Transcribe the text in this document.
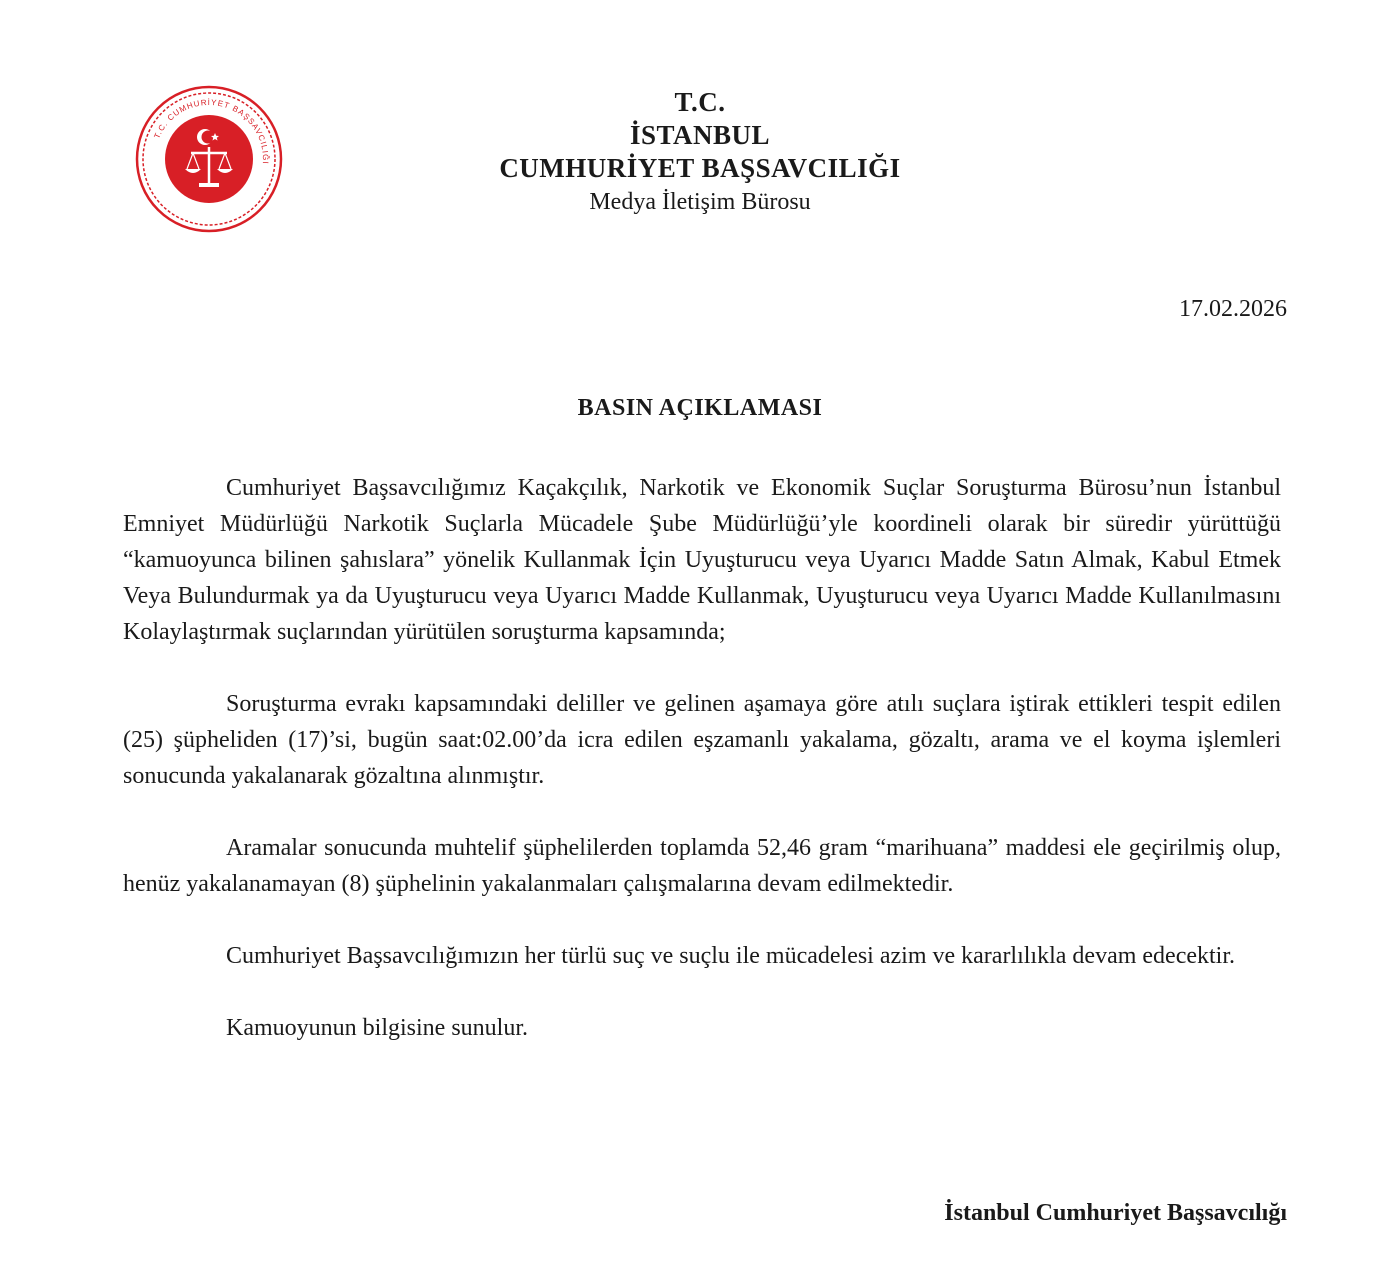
T.C. CUMHURİYET BAŞSAVCILIĞI
T.C.
İSTANBUL
CUMHURİYET BAŞSAVCILIĞI
Medya İletişim Bürosu
17.02.2026
BASIN AÇIKLAMASI

Cumhuriyet Başsavcılığımız Kaçakçılık, Narkotik ve Ekonomik Suçlar Soruşturma Bürosu’nun İstanbul Emniyet Müdürlüğü Narkotik Suçlarla Mücadele Şube Müdürlüğü’yle koordineli olarak bir süredir yürüttüğü “kamuoyunca bilinen şahıslara” yönelik Kullanmak İçin Uyuşturucu veya Uyarıcı Madde Satın Almak, Kabul Etmek Veya Bulundurmak ya da Uyuşturucu veya Uyarıcı Madde Kullanmak, Uyuşturucu veya Uyarıcı Madde Kullanılmasını Kolaylaştırmak suçlarından yürütülen soruşturma kapsamında;

Soruşturma evrakı kapsamındaki deliller ve gelinen aşamaya göre atılı suçlara iştirak ettikleri tespit edilen (25) şüpheliden (17)’si, bugün saat:02.00’da icra edilen eşzamanlı yakalama, gözaltı, arama ve el koyma işlemleri sonucunda yakalanarak gözaltına alınmıştır.

Aramalar sonucunda muhtelif şüphelilerden toplamda 52,46 gram “marihuana” maddesi ele geçirilmiş olup, henüz yakalanamayan (8) şüphelinin yakalanmaları çalışmalarına devam edilmektedir.

Cumhuriyet Başsavcılığımızın her türlü suç ve suçlu ile mücadelesi azim ve kararlılıkla devam edecektir.

Kamuoyunun bilgisine sunulur.

İstanbul Cumhuriyet Başsavcılığı
